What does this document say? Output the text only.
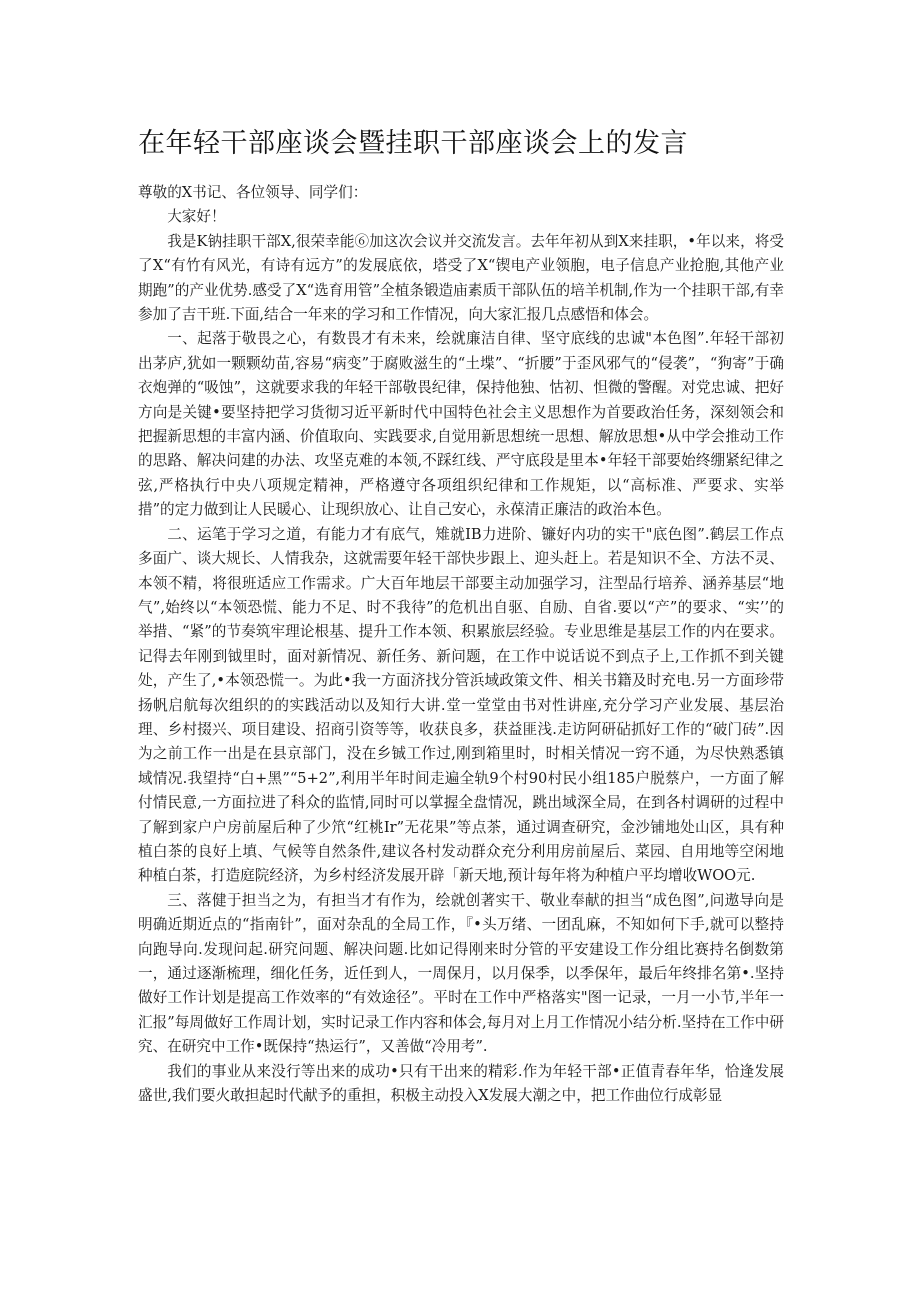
在年轻干部座谈会暨挂职干部座谈会上的发言

尊敬的X书记、各位领导、同学们：

大家好！

我是K钠挂职干部X,很荣幸能⑥加这次会议并交流发言。去年年初从到X来挂职，•年以来，将受了X“有竹有风光，有诗有远方”的发展底依，塔受了X“锲电产业领胞，电子信息产业抢胞,其他产业期跑”的产业优势.感受了X“选育用管”全植条锻造庙素质干部队伍的培羊机制,作为一个挂职干部,有幸参加了吉干班.下面,结合一年来的学习和工作情况，向大家汇报几点感悟和体会。

一、起落于敬畏之心，有数畏才有未来，绘就廉洁自律、坚守底线的忠诚"本色图”.年轻干部初出茅庐,犹如一颗颗幼苗,容易“病变”于腐败滋生的“土堞”、“折腰”于歪风邪气的“侵袭”，“狗寄”于确衣炮弹的“吸蚀”，这就要求我的年轻干部敬畏纪律，保持他独、怙初、怛微的警醒。对党忠诚、把好方向是关键•要坚持把学习货彻习近平新时代中国特色社会主义思想作为首要政治任务，深刻领会和把握新思想的丰富内涵、价值取向、实践要求,自觉用新思想统一思想、解放思想•从中学会推动工作的思路、解决问建的办法、攻坚克难的本领,不踩红线、严守底段是里本•年轻干部要始终绷紧纪律之弦,严格执行中央八项规定精神，严格遵守各项组织纪律和工作规矩，以“高标准、严要求、实举措”的定力做到让人民暖心、让现织放心、让自己安心，永葆清正廉洁的政治本色。

二、运笔于学习之道，有能力才有底气，雉就IB力进阶、镰好内功的实干"底色图”.鹤层工作点多面广、谈大规长、人情我杂，这就需要年轻干部快步跟上、迎头赶上。若是知识不全、方法不灵、本领不精，将很班适应工作需求。广大百年地层干部要主动加强学习，注型品行培养、涵养基层“地气”,始终以“本领恐慌、能力不足、时不我待”的危机出自驱、自励、自省.要以“产”的要求、“实’’的举措、“紧”的节奏筑牢理论根基、提升工作本领、积累旅层经验。专业思维是基层工作的内在要求。记得去年刚到钺里时，面对新情况、新任务、新问题，在工作中说话说不到点子上,工作抓不到关键处，产生了,•本领恐慌一。为此•我一方面济找分管浜域政策文件、相关书籍及时充电.另一方面珍带扬帆启航每次组织的的实践活动以及知行大讲.堂一堂堂由书对性讲座,充分学习产业发展、基层治理、乡村掇兴、项目建设、招商引资等等，收获良多，获益匪浅.走访阿研砧抓好工作的“破门砖”.因为之前工作一出是在县京部门，没在乡铖工作过,刚到箱里时，时相关情况一窍不通，为尽快熟悉镇域情况.我望持“白+黑”“5+2”,利用半年时间走遍全轨9个村90村民小组185户脱蔡户，一方面了解付情民意,一方面拉进了科众的监情,同时可以掌握全盘情况，跳出域深全局，在到各村调研的过程中了解到家户户房前屋后种了少笊“红桃Ir”无花果”等点茶，通过调查研究，金沙铺地处山区，具有种植白茶的良好上填、气候等自然条件,建议各村发动群众充分利用房前屋后、菜园、自用地等空闲地种植白茶，打造庭院经济，为乡村经济发展开辟「新天地,预计每年将为种植户平均增收WOO元.

三、落健于担当之为，有担当才有作为，绘就创著实干、敬业奉献的担当“成色图”,问遨导向是明确近期近点的“指南针”，面对杂乱的全局工作，『•头万绪、一团乱麻，不知如何下手,就可以整持向跑导向.发现问起.研究问题、解决问题.比如记得刚来时分管的平安建设工作分组比赛持名倒数第一，通过逐渐梳理，细化任务，近任到人，一周保月，以月保季，以季保年，最后年终排名第•.坚持做好工作计划是提高工作效率的“有效途径”。平时在工作中严格落实"图一记录，一月一小节,半年一汇报”每周做好工作周计划，实时记录工作内容和体会,每月对上月工作情况小结分析.坚持在工作中研究、在研究中工作•既保持“热运行”，又善做“冷用考”.

我们的事业从来没行等出来的成功•只有干出来的精彩.作为年轻干部•正值青春年华，恰逢发展盛世,我们要火敢担起时代献予的重担，积极主动投入X发展大潮之中，把工作曲位行成彰显
